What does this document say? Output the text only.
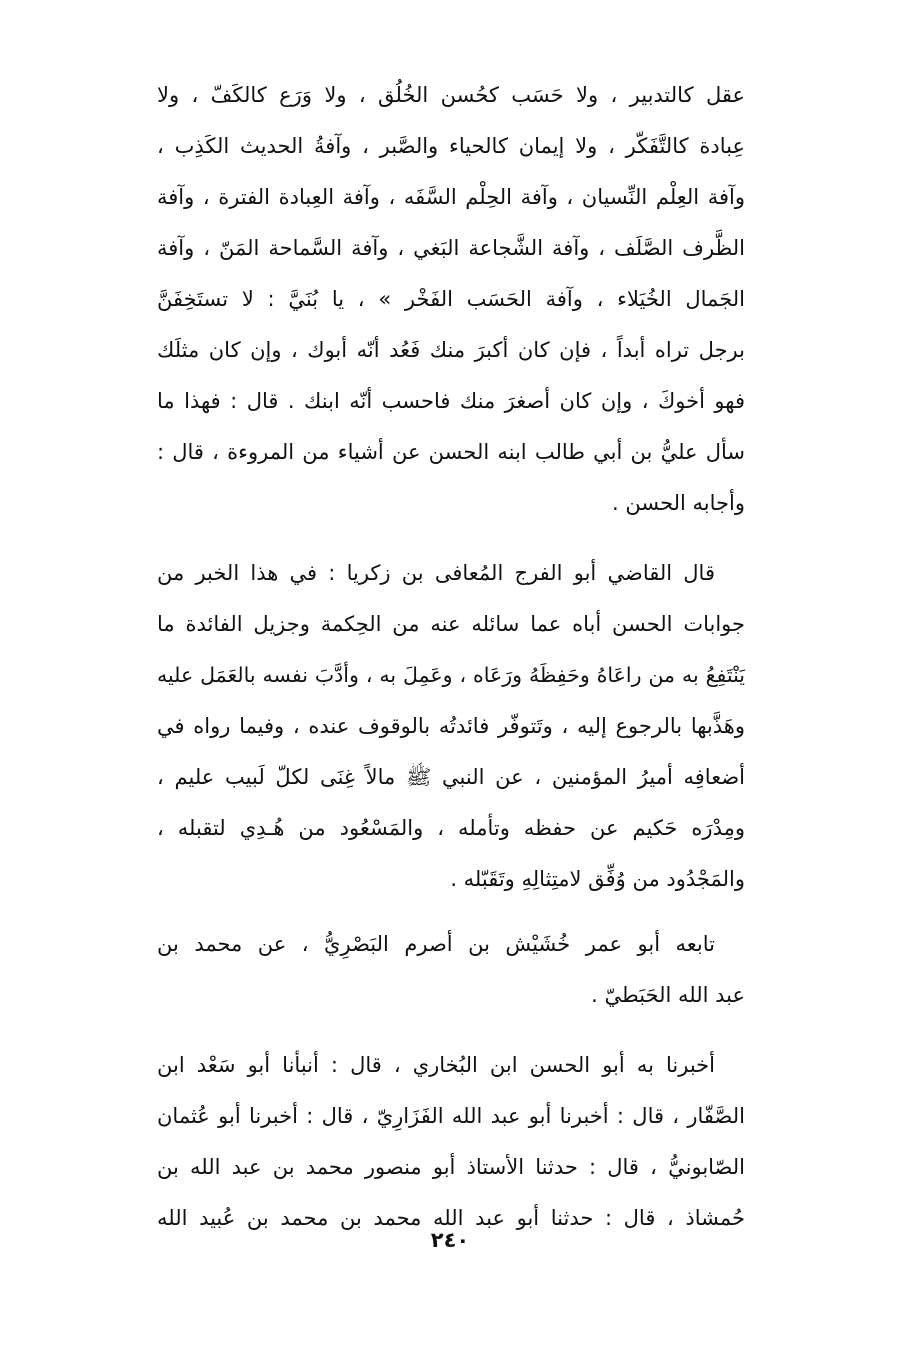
عقل كالتدبير ، ولا حَسَب كحُسن الخُلُق ، ولا وَرَع كالكَفّ ، ولا
عِبادة كالتَّفَكّر ، ولا إيمان كالحياء والصَّبر ، وآفةُ الحديث الكَذِب ،
وآفة العِلْم النِّسيان ، وآفة الحِلْم السَّفَه ، وآفة العِبادة الفترة ، وآفة
الظَّرف الصَّلَف ، وآفة الشَّجاعة البَغي ، وآفة السَّماحة المَنّ ، وآفة
الجَمال الخُيَلاء ، وآفة الحَسَب الفَخْر » ، يا بُنَيَّ : لا تستَخِفَنَّ
برجل تراه أبداً ، فإن كان أكبرَ منك فَعُد أنّه أبوك ، وإن كان مثلَك
فهو أخوكَ ، وإن كان أصغرَ منك فاحسب أنّه ابنك . قال : فهذا ما
سأل عليُّ بن أبي طالب ابنه الحسن عن أشياء من المروءة ، قال :
وأجابه الحسن .
قال القاضي أبو الفرج المُعافى بن زكريا : في هذا الخبر من
جوابات الحسن أباه عما سائله عنه من الحِكمة وجزيل الفائدة ما
يَنْتَفِعُ به من راعَاهُ وحَفِظَهُ ورَعَاه ، وعَمِلَ به ، وأدَّبَ نفسه بالعَمَل عليه
وهَذَّبها بالرجوع إليه ، وتَتوفّر فائدتُه بالوقوف عنده ، وفيما رواه في
أضعافِه أميرُ المؤمنين ، عن النبي ﷺ مالاً غِنَى لكلّ لَبيب عليم ،
ومِدْرَه حَكيم عن حفظه وتأمله ، والمَسْعُود من هُـدِي لتقبله ،
والمَجْدُود من وُفِّق لامتِثالِهِ وتَقَبّله .
تابعه أبو عمر خُشَيْش بن أصرم البَصْرِيُّ ، عن محمد بن
عبد الله الحَبَطيّ .
أخبرنا به أبو الحسن ابن البُخاري ، قال : أنبأنا أبو سَعْد ابن
الصَّفّار ، قال : أخبرنا أبو عبد الله الفَزَارِيّ ، قال : أخبرنا أبو عُثمان
الصّابونيُّ ، قال : حدثنا الأستاذ أبو منصور محمد بن عبد الله بن
حُمشاذ ، قال : حدثنا أبو عبد الله محمد بن محمد بن عُبيد الله
٢٤٠
